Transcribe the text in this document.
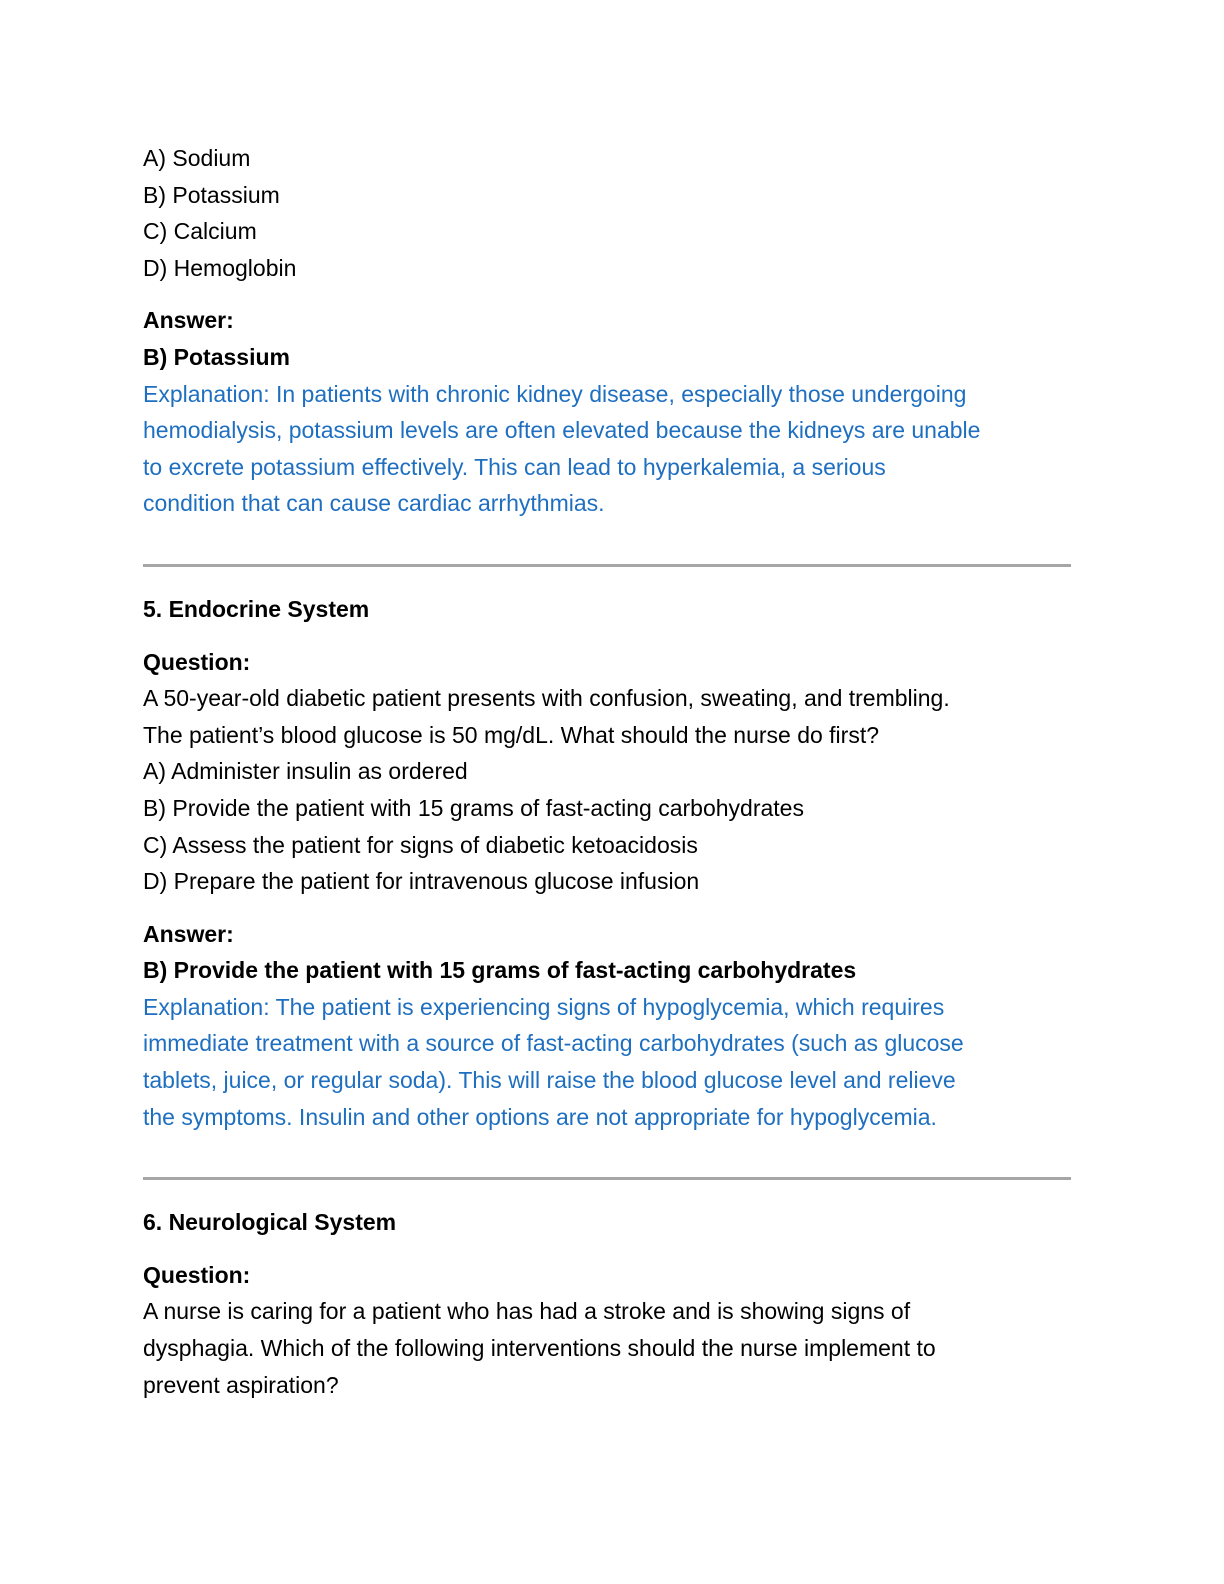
A) Sodium
B) Potassium
C) Calcium
D) Hemoglobin
Answer:
B) Potassium
Explanation: In patients with chronic kidney disease, especially those undergoing
hemodialysis, potassium levels are often elevated because the kidneys are unable
to excrete potassium effectively. This can lead to hyperkalemia, a serious
condition that can cause cardiac arrhythmias.
5. Endocrine System
Question:
A 50-year-old diabetic patient presents with confusion, sweating, and trembling.
The patient’s blood glucose is 50 mg/dL. What should the nurse do first?
A) Administer insulin as ordered
B) Provide the patient with 15 grams of fast-acting carbohydrates
C) Assess the patient for signs of diabetic ketoacidosis
D) Prepare the patient for intravenous glucose infusion
Answer:
B) Provide the patient with 15 grams of fast-acting carbohydrates
Explanation: The patient is experiencing signs of hypoglycemia, which requires
immediate treatment with a source of fast-acting carbohydrates (such as glucose
tablets, juice, or regular soda). This will raise the blood glucose level and relieve
the symptoms. Insulin and other options are not appropriate for hypoglycemia.
6. Neurological System
Question:
A nurse is caring for a patient who has had a stroke and is showing signs of
dysphagia. Which of the following interventions should the nurse implement to
prevent aspiration?
